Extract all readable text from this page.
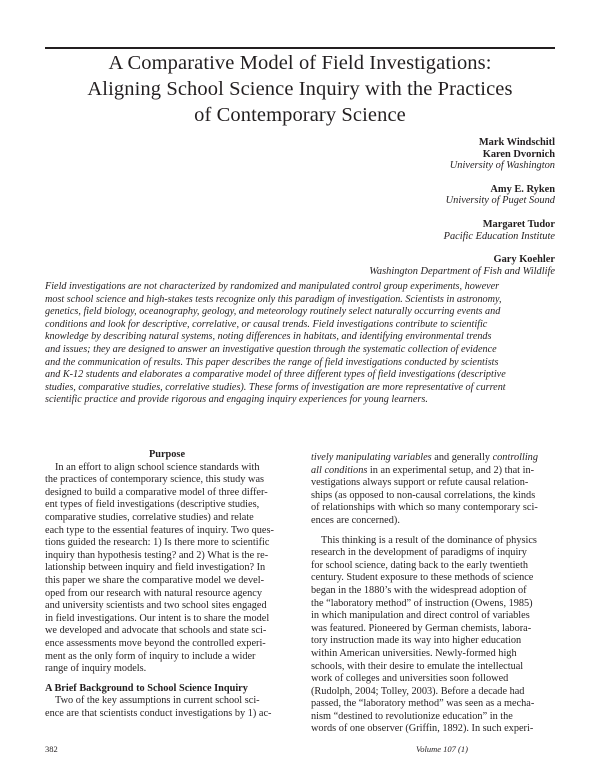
A Comparative Model of Field Investigations:
Aligning School Science Inquiry with the Practices
of Contemporary Science
Mark Windschitl
Karen Dvornich
University of Washington
Amy E. Ryken
University of Puget Sound
Margaret Tudor
Pacific Education Institute
Gary Koehler
Washington Department of Fish and Wildlife
Field investigations are not characterized by randomized and manipulated control group experiments, however
most school science and high-stakes tests recognize only this paradigm of investigation. Scientists in astronomy,
genetics, field biology, oceanography, geology, and meteorology routinely select naturally occurring events and
conditions and look for descriptive, correlative, or causal trends. Field investigations contribute to scientific
knowledge by describing natural systems, noting differences in habitats, and identifying environmental trends
and issues; they are designed to answer an investigative question through the systematic collection of evidence
and the communication of results. This paper describes the range of field investigations conducted by scientists
and K-12 students and elaborates a comparative model of three different types of field investigations (descriptive
studies, comparative studies, correlative studies). These forms of investigation are more representative of current
scientific practice and provide rigorous and engaging inquiry experiences for young learners.
Purpose
In an effort to align school science standards with
the practices of contemporary science, this study was
designed to build a comparative model of three differ-
ent types of field investigations (descriptive studies,
comparative studies, correlative studies) and relate
each type to the essential features of inquiry. Two ques-
tions guided the research: 1) Is there more to scientific
inquiry than hypothesis testing? and 2) What is the re-
lationship between inquiry and field investigation? In
this paper we share the comparative model we devel-
oped from our research with natural resource agency
and university scientists and two school sites engaged
in field investigations. Our intent is to share the model
we developed and advocate that schools and state sci-
ence assessments move beyond the controlled experi-
ment as the only form of inquiry to include a wider
range of inquiry models.
A Brief Background to School Science Inquiry
Two of the key assumptions in current school sci-
ence are that scientists conduct investigations by 1) ac-
tively manipulating variables and generally controlling
all conditions in an experimental setup, and 2) that in-
vestigations always support or refute causal relation-
ships (as opposed to non-causal correlations, the kinds
of relationships with which so many contemporary sci-
ences are concerned).
This thinking is a result of the dominance of physics
research in the development of paradigms of inquiry
for school science, dating back to the early twentieth
century. Student exposure to these methods of science
began in the 1880’s with the widespread adoption of
the “laboratory method” of instruction (Owens, 1985)
in which manipulation and direct control of variables
was featured. Pioneered by German chemists, labora-
tory instruction made its way into higher education
within American universities. Newly-formed high
schools, with their desire to emulate the intellectual
work of colleges and universities soon followed
(Rudolph, 2004; Tolley, 2003). Before a decade had
passed, the “laboratory method” was seen as a mecha-
nism “destined to revolutionize education” in the
words of one observer (Griffin, 1892). In such experi-
382	Volume 107 (1)
